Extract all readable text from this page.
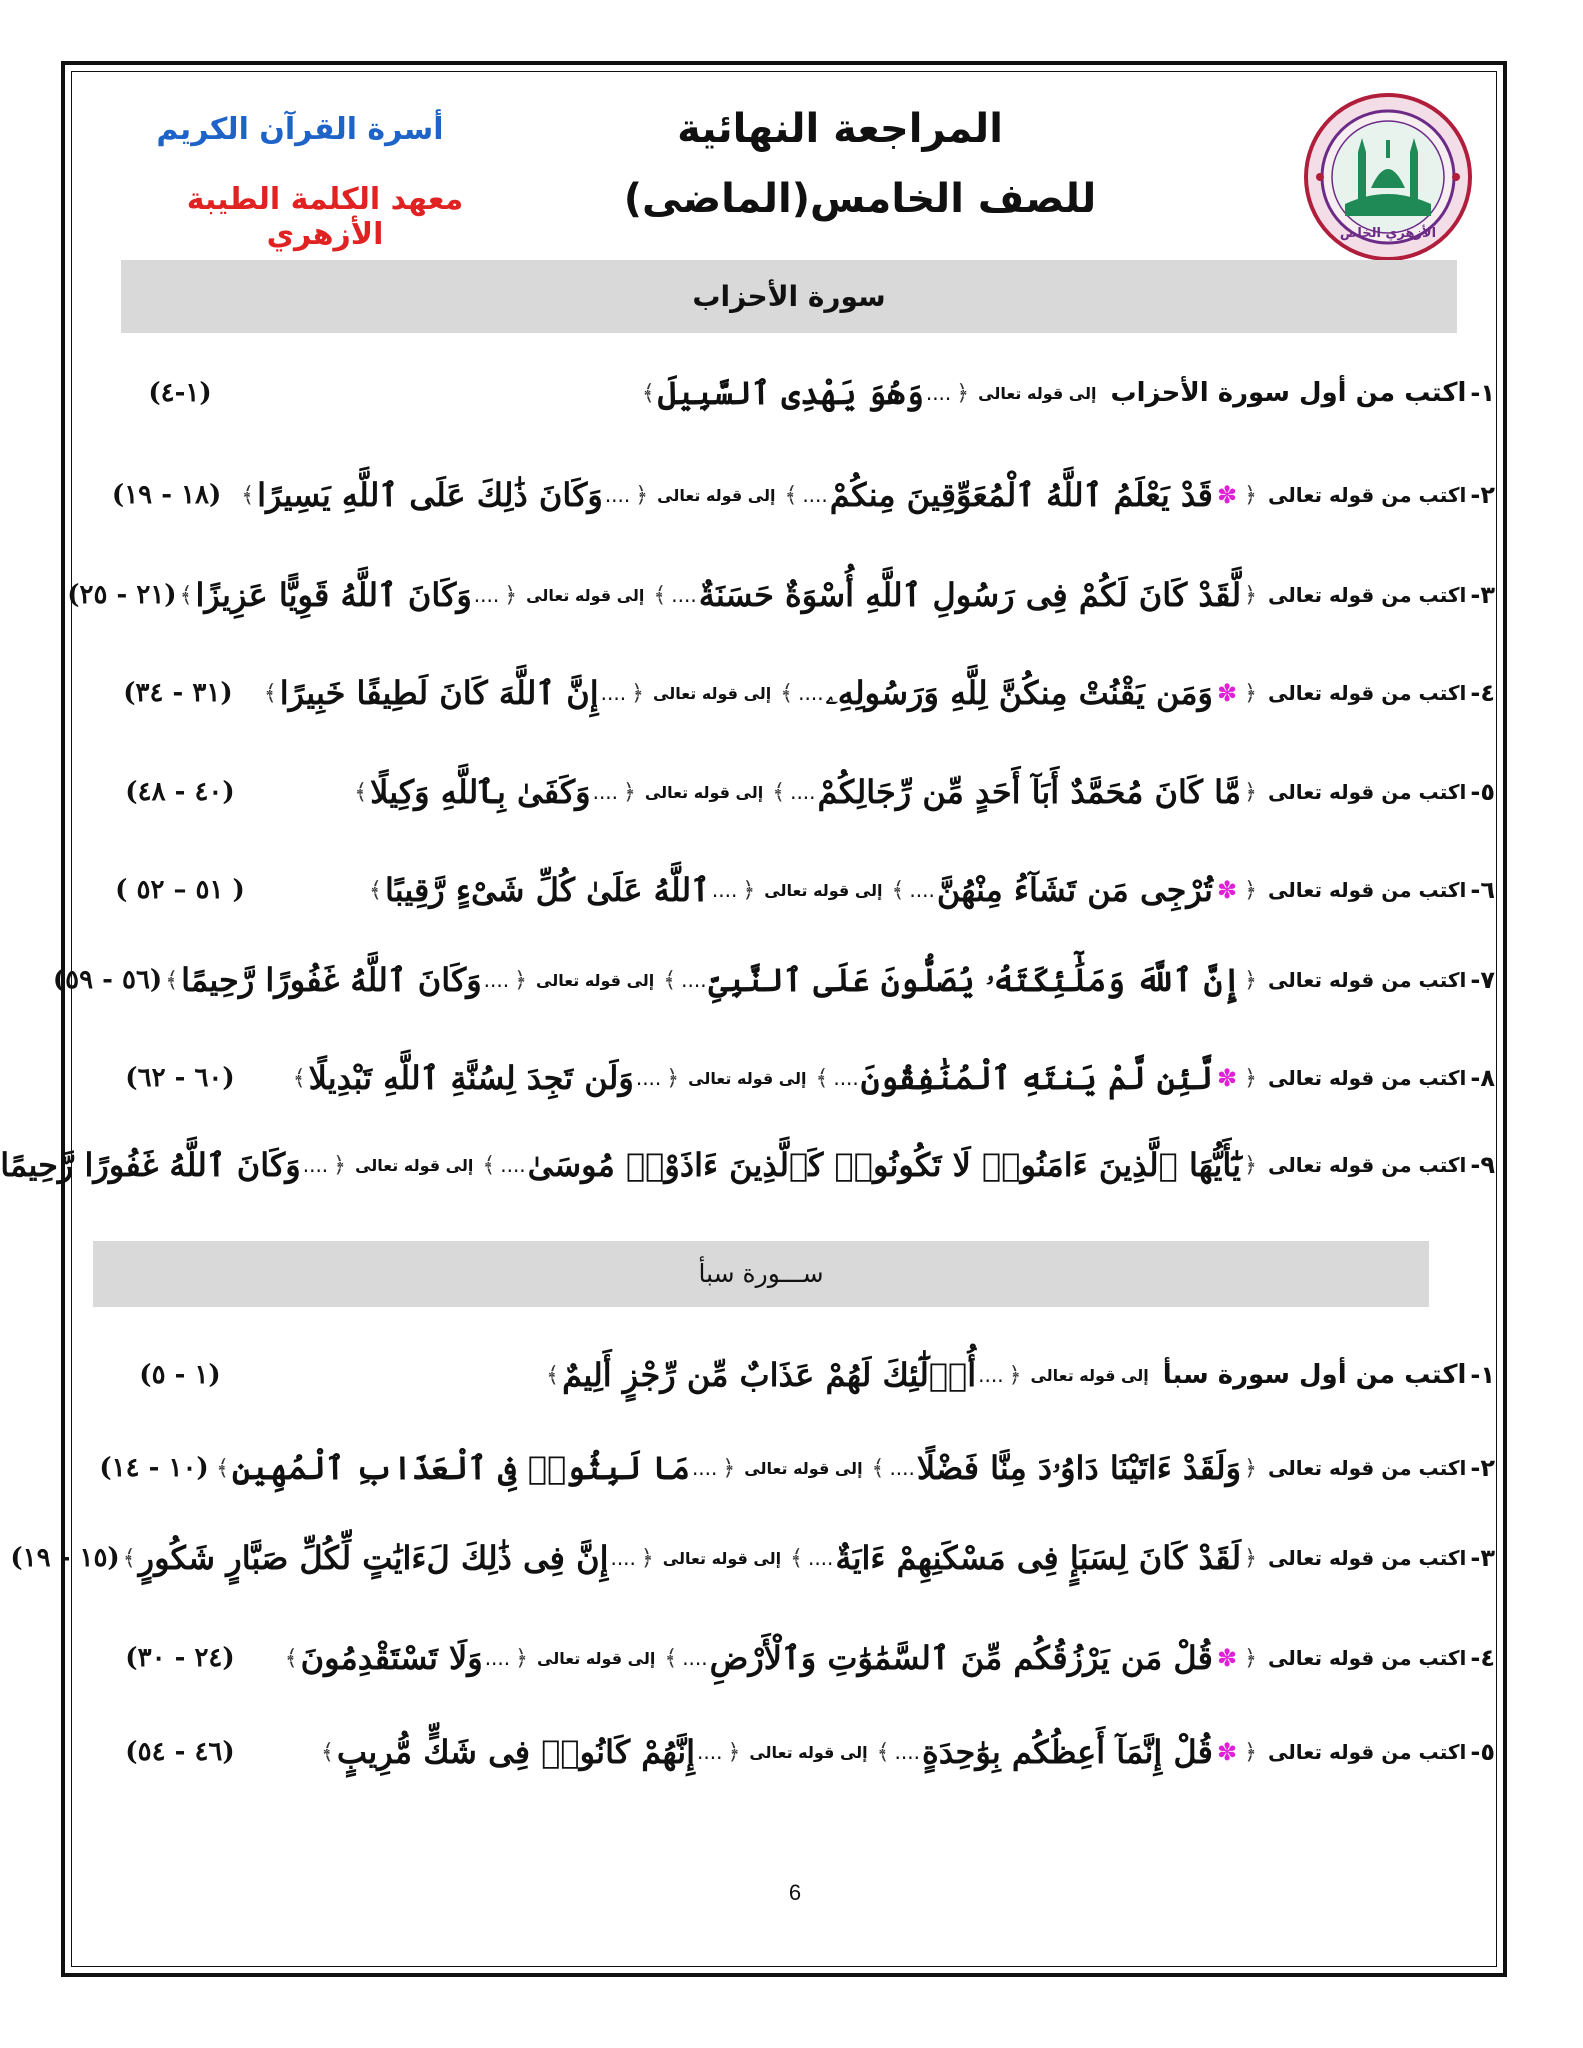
الأزهري الخاص
المراجعة النهائية
للصف الخامس(الماضى)
أسرة القرآن الكريم
معهد الكلمة الطيبة الأزهري
سورة الأحزاب
ســـورة سبأ
١-
اكتب من أول سورة الأحزاب
إلى قوله تعالى
﴿
....
وَهُوَ يَهْدِى ٱلسَّبِيلَ
﴾
(١-٤)
٢-
اكتب من قوله تعالى
﴿
✽
قَدْ يَعْلَمُ ٱللَّهُ ٱلْمُعَوِّقِينَ مِنكُمْ
....
﴾
إلى قوله تعالى
﴿
....
وَكَانَ ذَٰلِكَ عَلَى ٱللَّهِ يَسِيرًا
﴾
(١٨ - ١٩)
٣-
اكتب من قوله تعالى
﴿
لَّقَدْ كَانَ لَكُمْ فِى رَسُولِ ٱللَّهِ أُسْوَةٌ حَسَنَةٌ
....
﴾
إلى قوله تعالى
﴿
....
وَكَانَ ٱللَّهُ قَوِيًّا عَزِيزًا
﴾
(٢١ - ٢٥)
٤-
اكتب من قوله تعالى
﴿
✽
وَمَن يَقْنُتْ مِنكُنَّ لِلَّهِ وَرَسُولِهِۦ
....
﴾
إلى قوله تعالى
﴿
....
إِنَّ ٱللَّهَ كَانَ لَطِيفًا خَبِيرًا
﴾
(٣١ - ٣٤)
٥-
اكتب من قوله تعالى
﴿
مَّا كَانَ مُحَمَّدٌ أَبَآ أَحَدٍ مِّن رِّجَالِكُمْ
....
﴾
إلى قوله تعالى
﴿
....
وَكَفَىٰ بِٱللَّهِ وَكِيلًا
﴾
(٤٠ - ٤٨)
٦-
اكتب من قوله تعالى
﴿
✽
تُرْجِى مَن تَشَآءُ مِنْهُنَّ
....
﴾
إلى قوله تعالى
﴿
....
ٱللَّهُ عَلَىٰ كُلِّ شَىْءٍ رَّقِيبًا
﴾
( ٥١ – ٥٢ )
٧-
اكتب من قوله تعالى
﴿
إِنَّ ٱللَّهَ وَمَلَٰٓئِكَتَهُۥ يُصَلُّونَ عَلَى ٱلنَّبِىِّ
....
﴾
إلى قوله تعالى
﴿
....
وَكَانَ ٱللَّهُ غَفُورًا رَّحِيمًا
﴾
(٥٦ - ٥٩)
٨-
اكتب من قوله تعالى
﴿
✽
لَّئِن لَّمْ يَنتَهِ ٱلْمُنَٰفِقُونَ
....
﴾
إلى قوله تعالى
﴿
....
وَلَن تَجِدَ لِسُنَّةِ ٱللَّهِ تَبْدِيلًا
﴾
(٦٠ - ٦٢)
٩-
اكتب من قوله تعالى
﴿
يَٰٓأَيُّهَا ٱلَّذِينَ ءَامَنُوا۟ لَا تَكُونُوا۟ كَٱلَّذِينَ ءَاذَوْا۟ مُوسَىٰ
....
﴾
إلى قوله تعالى
﴿
....
وَكَانَ ٱللَّهُ غَفُورًا رَّحِيمًا
١-
اكتب من أول سورة سبأ
إلى قوله تعالى
﴿
....
أُو۟لَٰٓئِكَ لَهُمْ عَذَابٌ مِّن رِّجْزٍ أَلِيمٌ
﴾
(١ - ٥)
٢-
اكتب من قوله تعالى
﴿
وَلَقَدْ ءَاتَيْنَا دَاوُۥدَ مِنَّا فَضْلًا
....
﴾
إلى قوله تعالى
﴿
....
مَا لَبِثُوا۟ فِى ٱلْعَذَابِ ٱلْمُهِينِ
﴾
(١٠ - ١٤)
٣-
اكتب من قوله تعالى
﴿
لَقَدْ كَانَ لِسَبَإٍ فِى مَسْكَنِهِمْ ءَايَةٌ
....
﴾
إلى قوله تعالى
﴿
....
إِنَّ فِى ذَٰلِكَ لَءَايَٰتٍ لِّكُلِّ صَبَّارٍ شَكُورٍ
﴾
(١٥ - ١٩)
٤-
اكتب من قوله تعالى
﴿
✽
قُلْ مَن يَرْزُقُكُم مِّنَ ٱلسَّمَٰوَٰتِ وَٱلْأَرْضِ
....
﴾
إلى قوله تعالى
﴿
....
وَلَا تَسْتَقْدِمُونَ
﴾
(٢٤ - ٣٠)
٥-
اكتب من قوله تعالى
﴿
✽
قُلْ إِنَّمَآ أَعِظُكُم بِوَٰحِدَةٍ
....
﴾
إلى قوله تعالى
﴿
....
إِنَّهُمْ كَانُوا۟ فِى شَكٍّ مُّرِيبٍ
﴾
(٤٦ - ٥٤)
6
